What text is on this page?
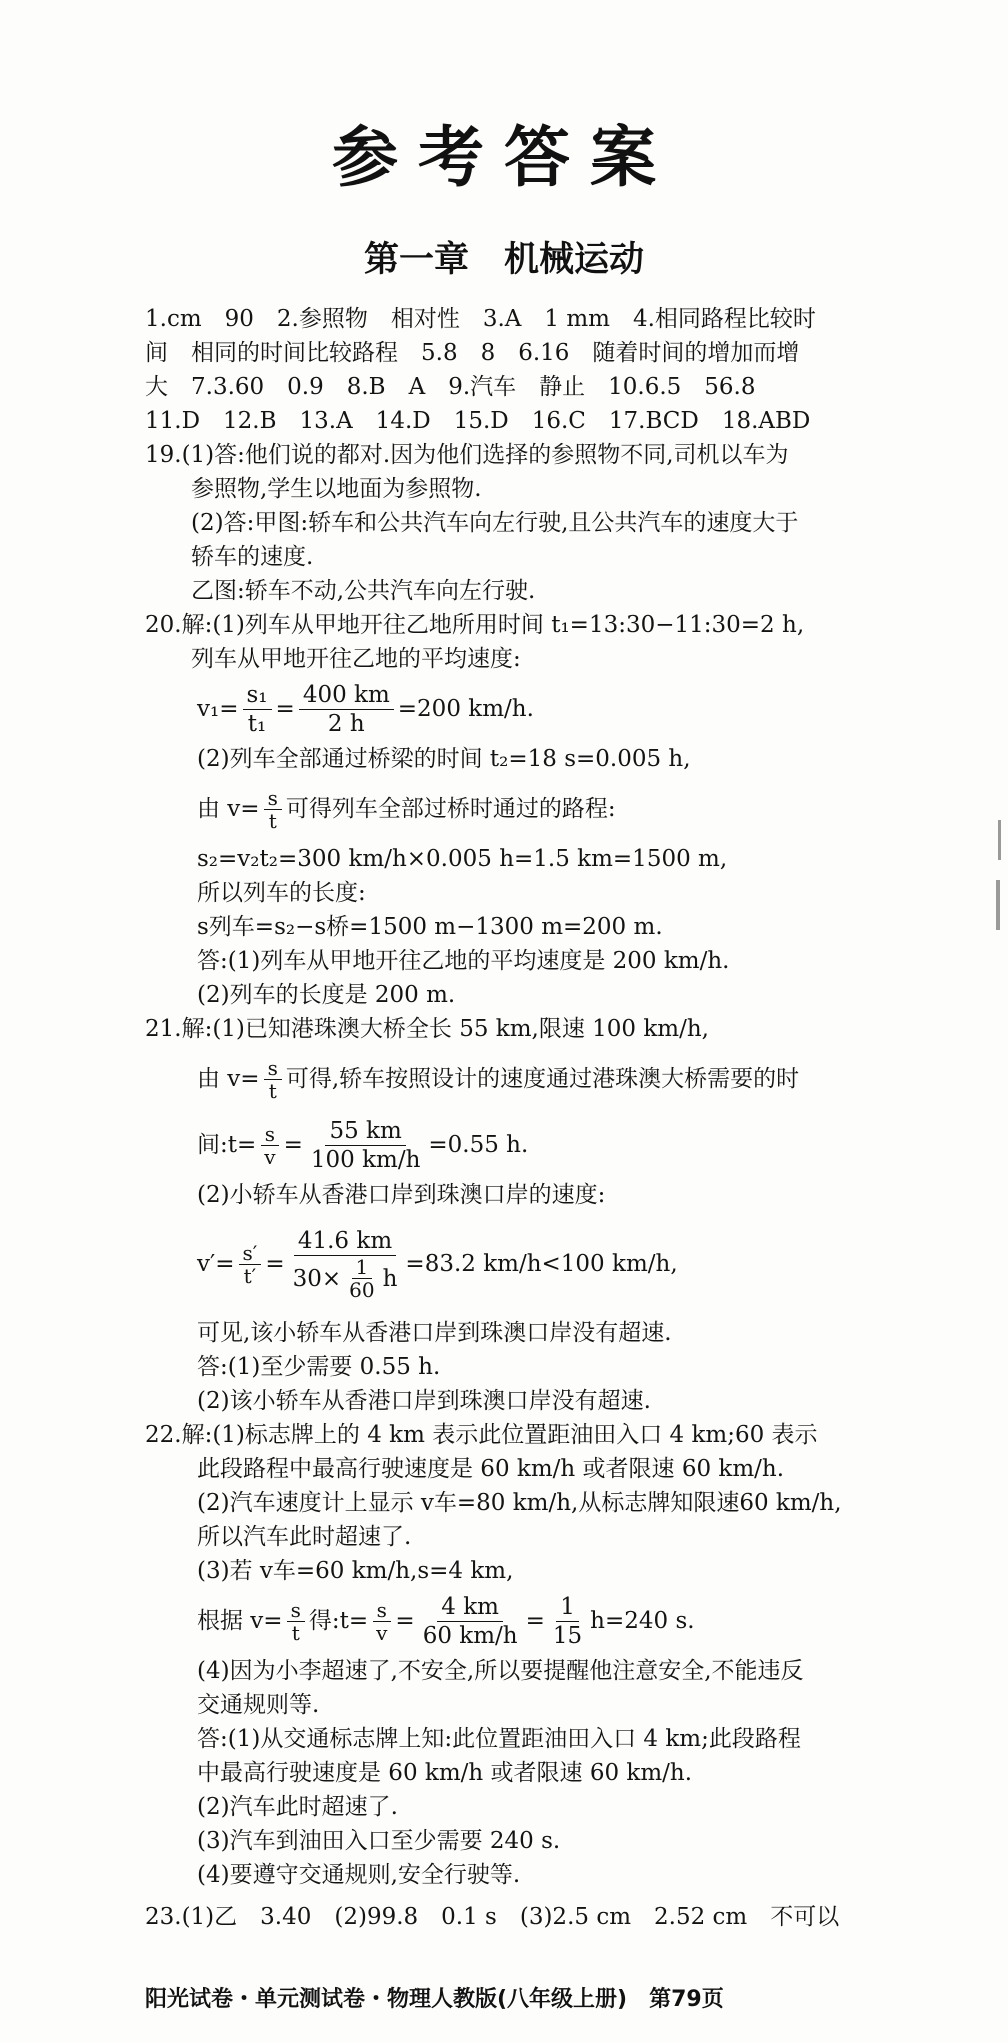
参考答案
第一章　机械运动
1.cm　90　2.参照物　相对性　3.A　1 mm　4.相同路程比较时
间　相同的时间比较路程　5.8　8　6.16　随着时间的增加而增
大　7.3.60　0.9　8.B　A　9.汽车　静止　10.6.5　56.8
11.D　12.B　13.A　14.D　15.D　16.C　17.BCD　18.ABD
19.(1)答:他们说的都对.因为他们选择的参照物不同,司机以车为
参照物,学生以地面为参照物.
(2)答:甲图:轿车和公共汽车向左行驶,且公共汽车的速度大于
轿车的速度.
乙图:轿车不动,公共汽车向左行驶.
20.解:(1)列车从甲地开往乙地所用时间 t₁=13:30−11:30=2 h,
列车从甲地开往乙地的平均速度:
$v_1= \frac{\text{s₁}}{\text{t₁}} = \frac{400 km}{2 h} =200$ km/h.
(2)列车全部通过桥梁的时间 t₂=18 s=0.005 h,
由 $v= \frac{s}{t}$ 可得列车全部过桥时通过的路程:
s₂=v₂t₂=300 km/h×0.005 h=1.5 km=1500 m,
所以列车的长度:
s列车=s₂−s桥=1500 m−1300 m=200 m.
答:(1)列车从甲地开往乙地的平均速度是 200 km/h.
(2)列车的长度是 200 m.
21.解:(1)已知港珠澳大桥全长 55 km,限速 100 km/h,
由 $v= \frac{s}{t}$ 可得,轿车按照设计的速度通过港珠澳大桥需要的时
间:t= $\frac{s}{v} = \frac{55 km}{100 km/h} =0.55$ h.
(2)小轿车从香港口岸到珠澳口岸的速度:
$v'= \frac{s'}{t'} = \frac{41.6 km}{30\times \frac{1}{60} h} =83.2$ km/h<100 km/h,
可见,该小轿车从香港口岸到珠澳口岸没有超速.
答:(1)至少需要 0.55 h.
(2)该小轿车从香港口岸到珠澳口岸没有超速.
22.解:(1)标志牌上的 4 km 表示此位置距油田入口 4 km;60 表示
此段路程中最高行驶速度是 60 km/h 或者限速 60 km/h.
(2)汽车速度计上显示 v车=80 km/h,从标志牌知限速60 km/h,
所以汽车此时超速了.
(3)若 v车=60 km/h,s=4 km,
根据 $v= \frac{s}{t}$ 得:t= $\frac{s}{v} = \frac{4 km}{60 km/h} = \frac{1}{15} h=240$ s.
(4)因为小李超速了,不安全,所以要提醒他注意安全,不能违反
交通规则等.
答:(1)从交通标志牌上知:此位置距油田入口 4 km;此段路程
中最高行驶速度是 60 km/h 或者限速 60 km/h.
(2)汽车此时超速了.
(3)汽车到油田入口至少需要 240 s.
(4)要遵守交通规则,安全行驶等.
23.(1)乙　3.40　(2)99.8　0.1 s　(3)2.5 cm　2.52 cm　不可以
阳光试卷・单元测试卷・物理人教版(八年级上册)　第79页
